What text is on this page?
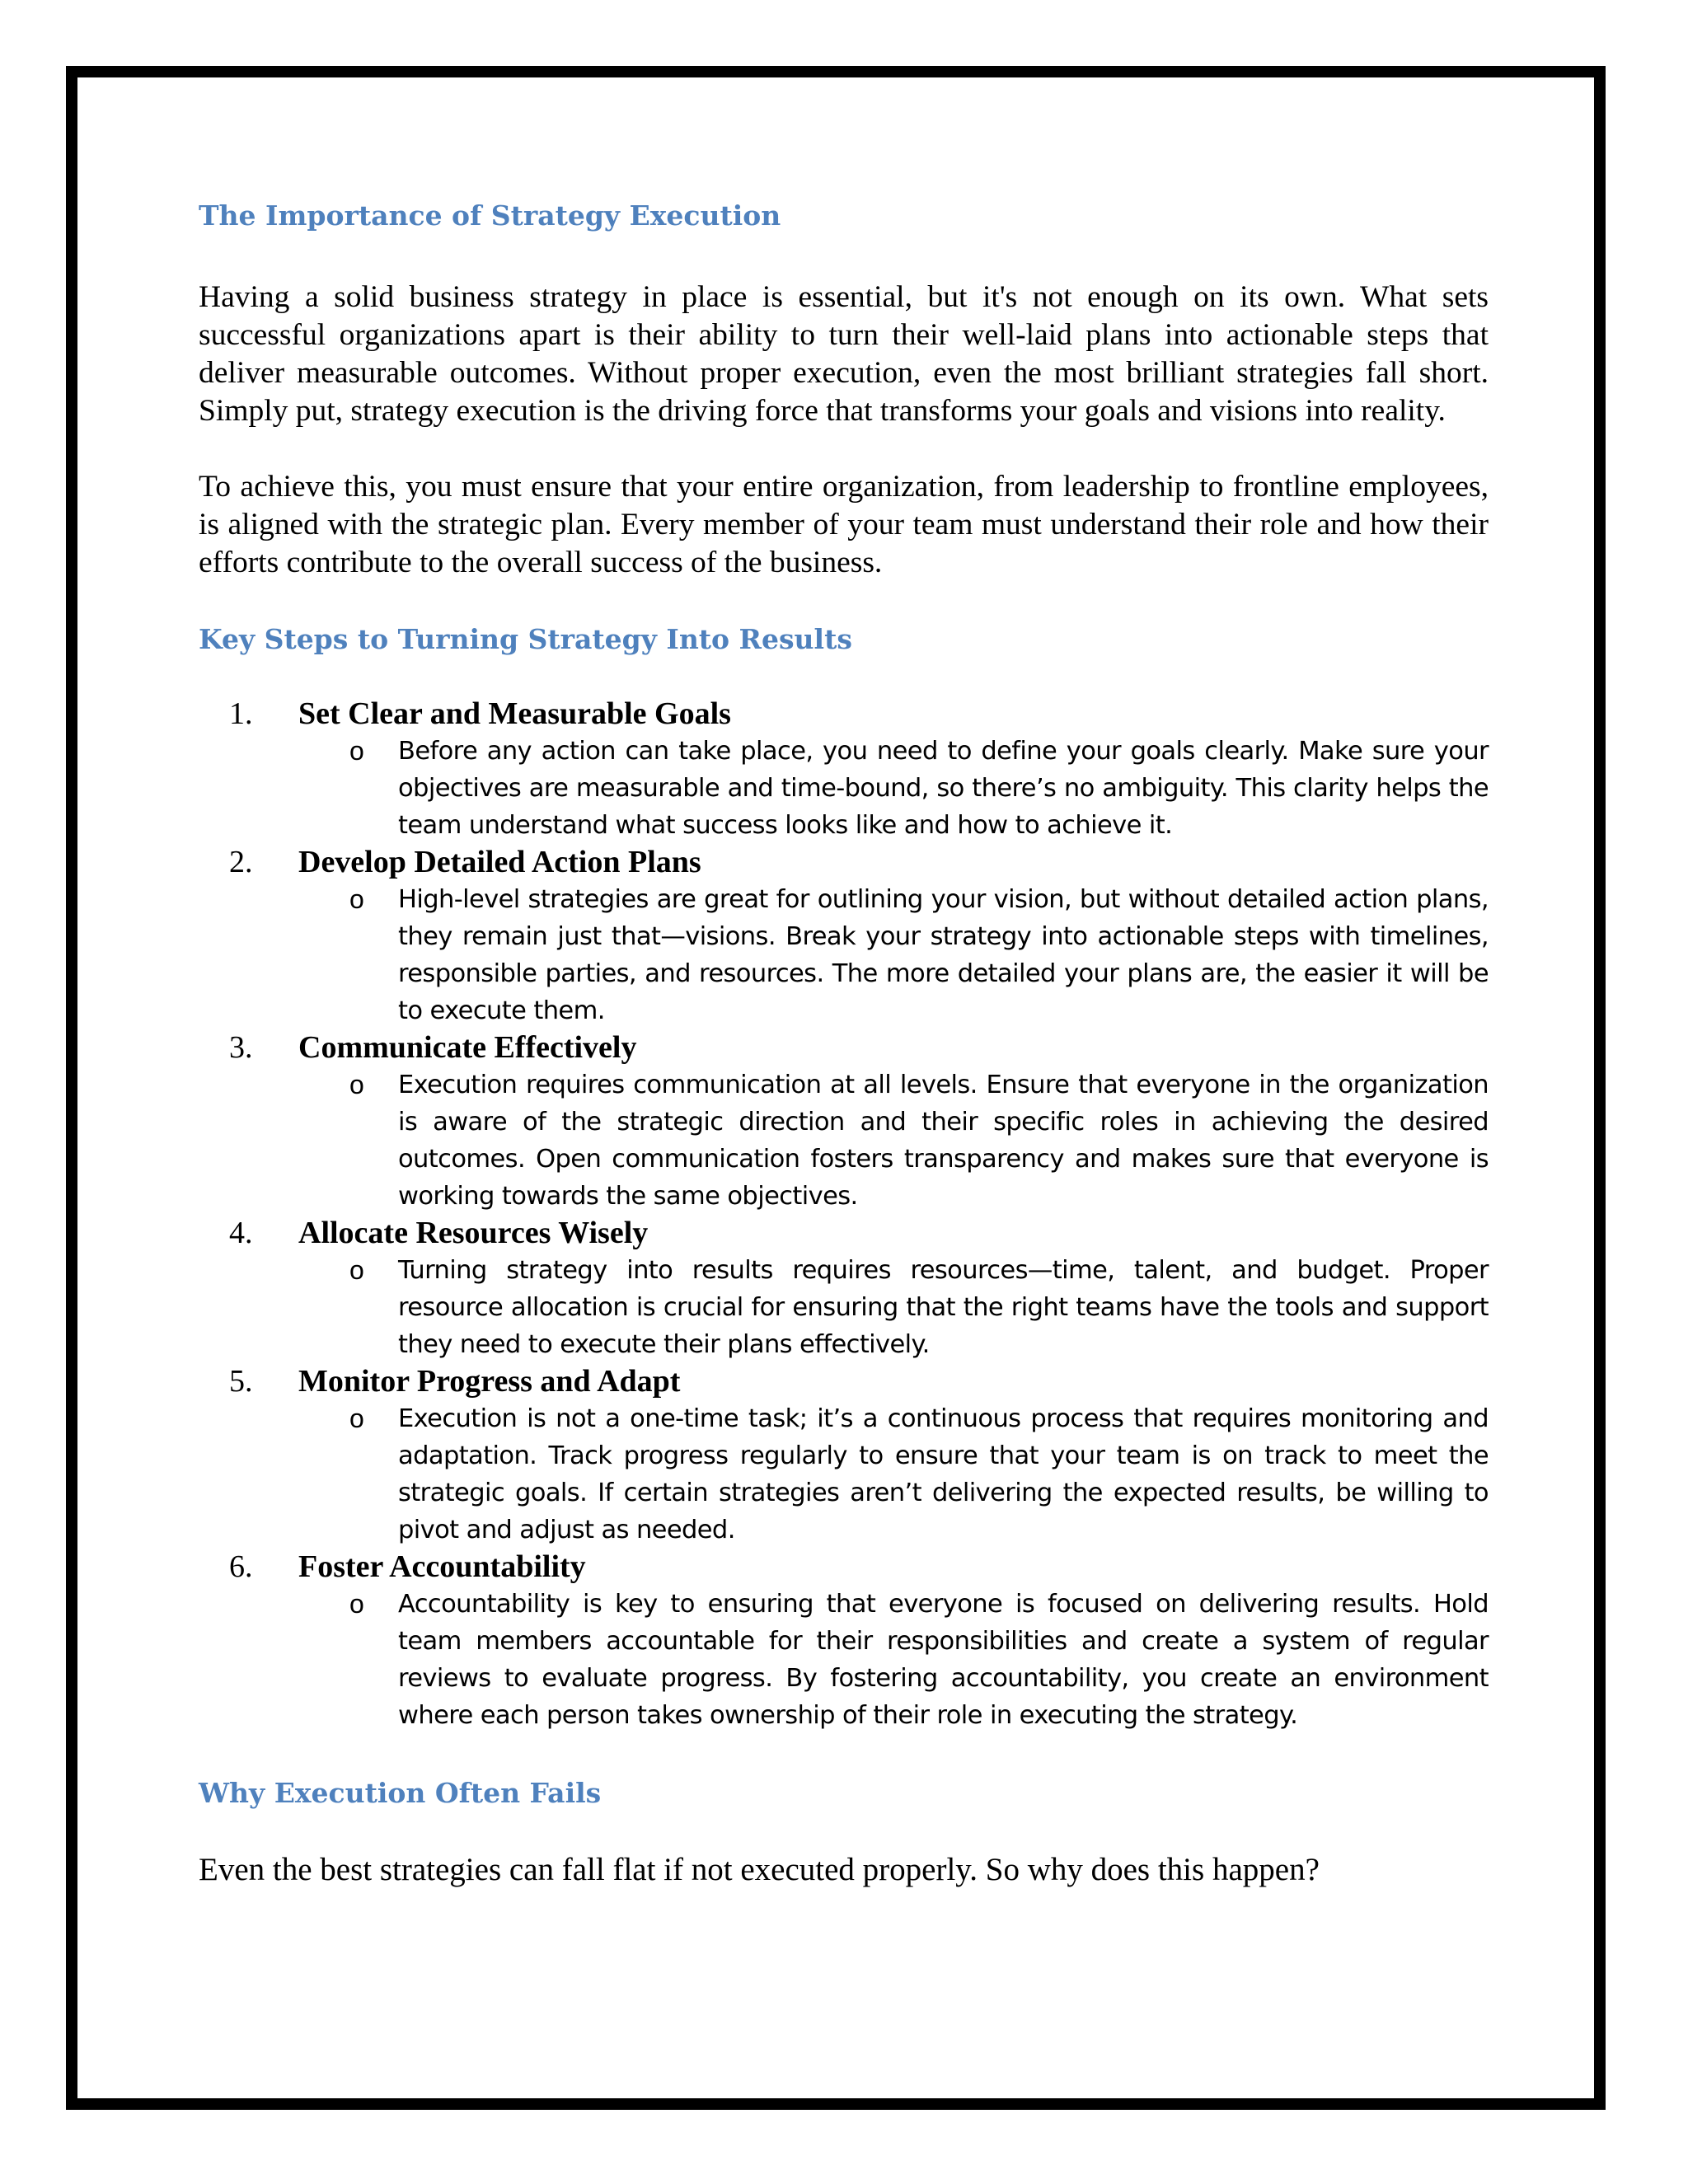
The Importance of Strategy Execution

Having a solid business strategy in place is essential, but it's not enough on its own. What sets successful organizations apart is their ability to turn their well-laid plans into actionable steps that deliver measurable outcomes. Without proper execution, even the most brilliant strategies fall short. Simply put, strategy execution is the driving force that transforms your goals and visions into reality.

To achieve this, you must ensure that your entire organization, from leadership to frontline employees, is aligned with the strategic plan. Every member of your team must understand their role and how their efforts contribute to the overall success of the business.

Key Steps to Turning Strategy Into Results
1. Set Clear and Measurable Goals
o Before any action can take place, you need to define your goals clearly. Make sure your objectives are measurable and time-bound, so there’s no ambiguity. This clarity helps the team understand what success looks like and how to achieve it.

2. Develop Detailed Action Plans
o High-level strategies are great for outlining your vision, but without detailed action plans, they remain just that—visions. Break your strategy into actionable steps with timelines, responsible parties, and resources. The more detailed your plans are, the easier it will be to execute them.

3. Communicate Effectively
o Execution requires communication at all levels. Ensure that everyone in the organization is aware of the strategic direction and their specific roles in achieving the desired outcomes. Open communication fosters transparency and makes sure that everyone is working towards the same objectives.

4. Allocate Resources Wisely
o Turning strategy into results requires resources—time, talent, and budget. Proper resource allocation is crucial for ensuring that the right teams have the tools and support they need to execute their plans effectively.

5. Monitor Progress and Adapt
o Execution is not a one-time task; it’s a continuous process that requires monitoring and adaptation. Track progress regularly to ensure that your team is on track to meet the strategic goals. If certain strategies aren’t delivering the expected results, be willing to pivot and adjust as needed.

6. Foster Accountability
o Accountability is key to ensuring that everyone is focused on delivering results. Hold team members accountable for their responsibilities and create a system of regular reviews to evaluate progress. By fostering accountability, you create an environment where each person takes ownership of their role in executing the strategy.

Why Execution Often Fails

Even the best strategies can fall flat if not executed properly. So why does this happen?
